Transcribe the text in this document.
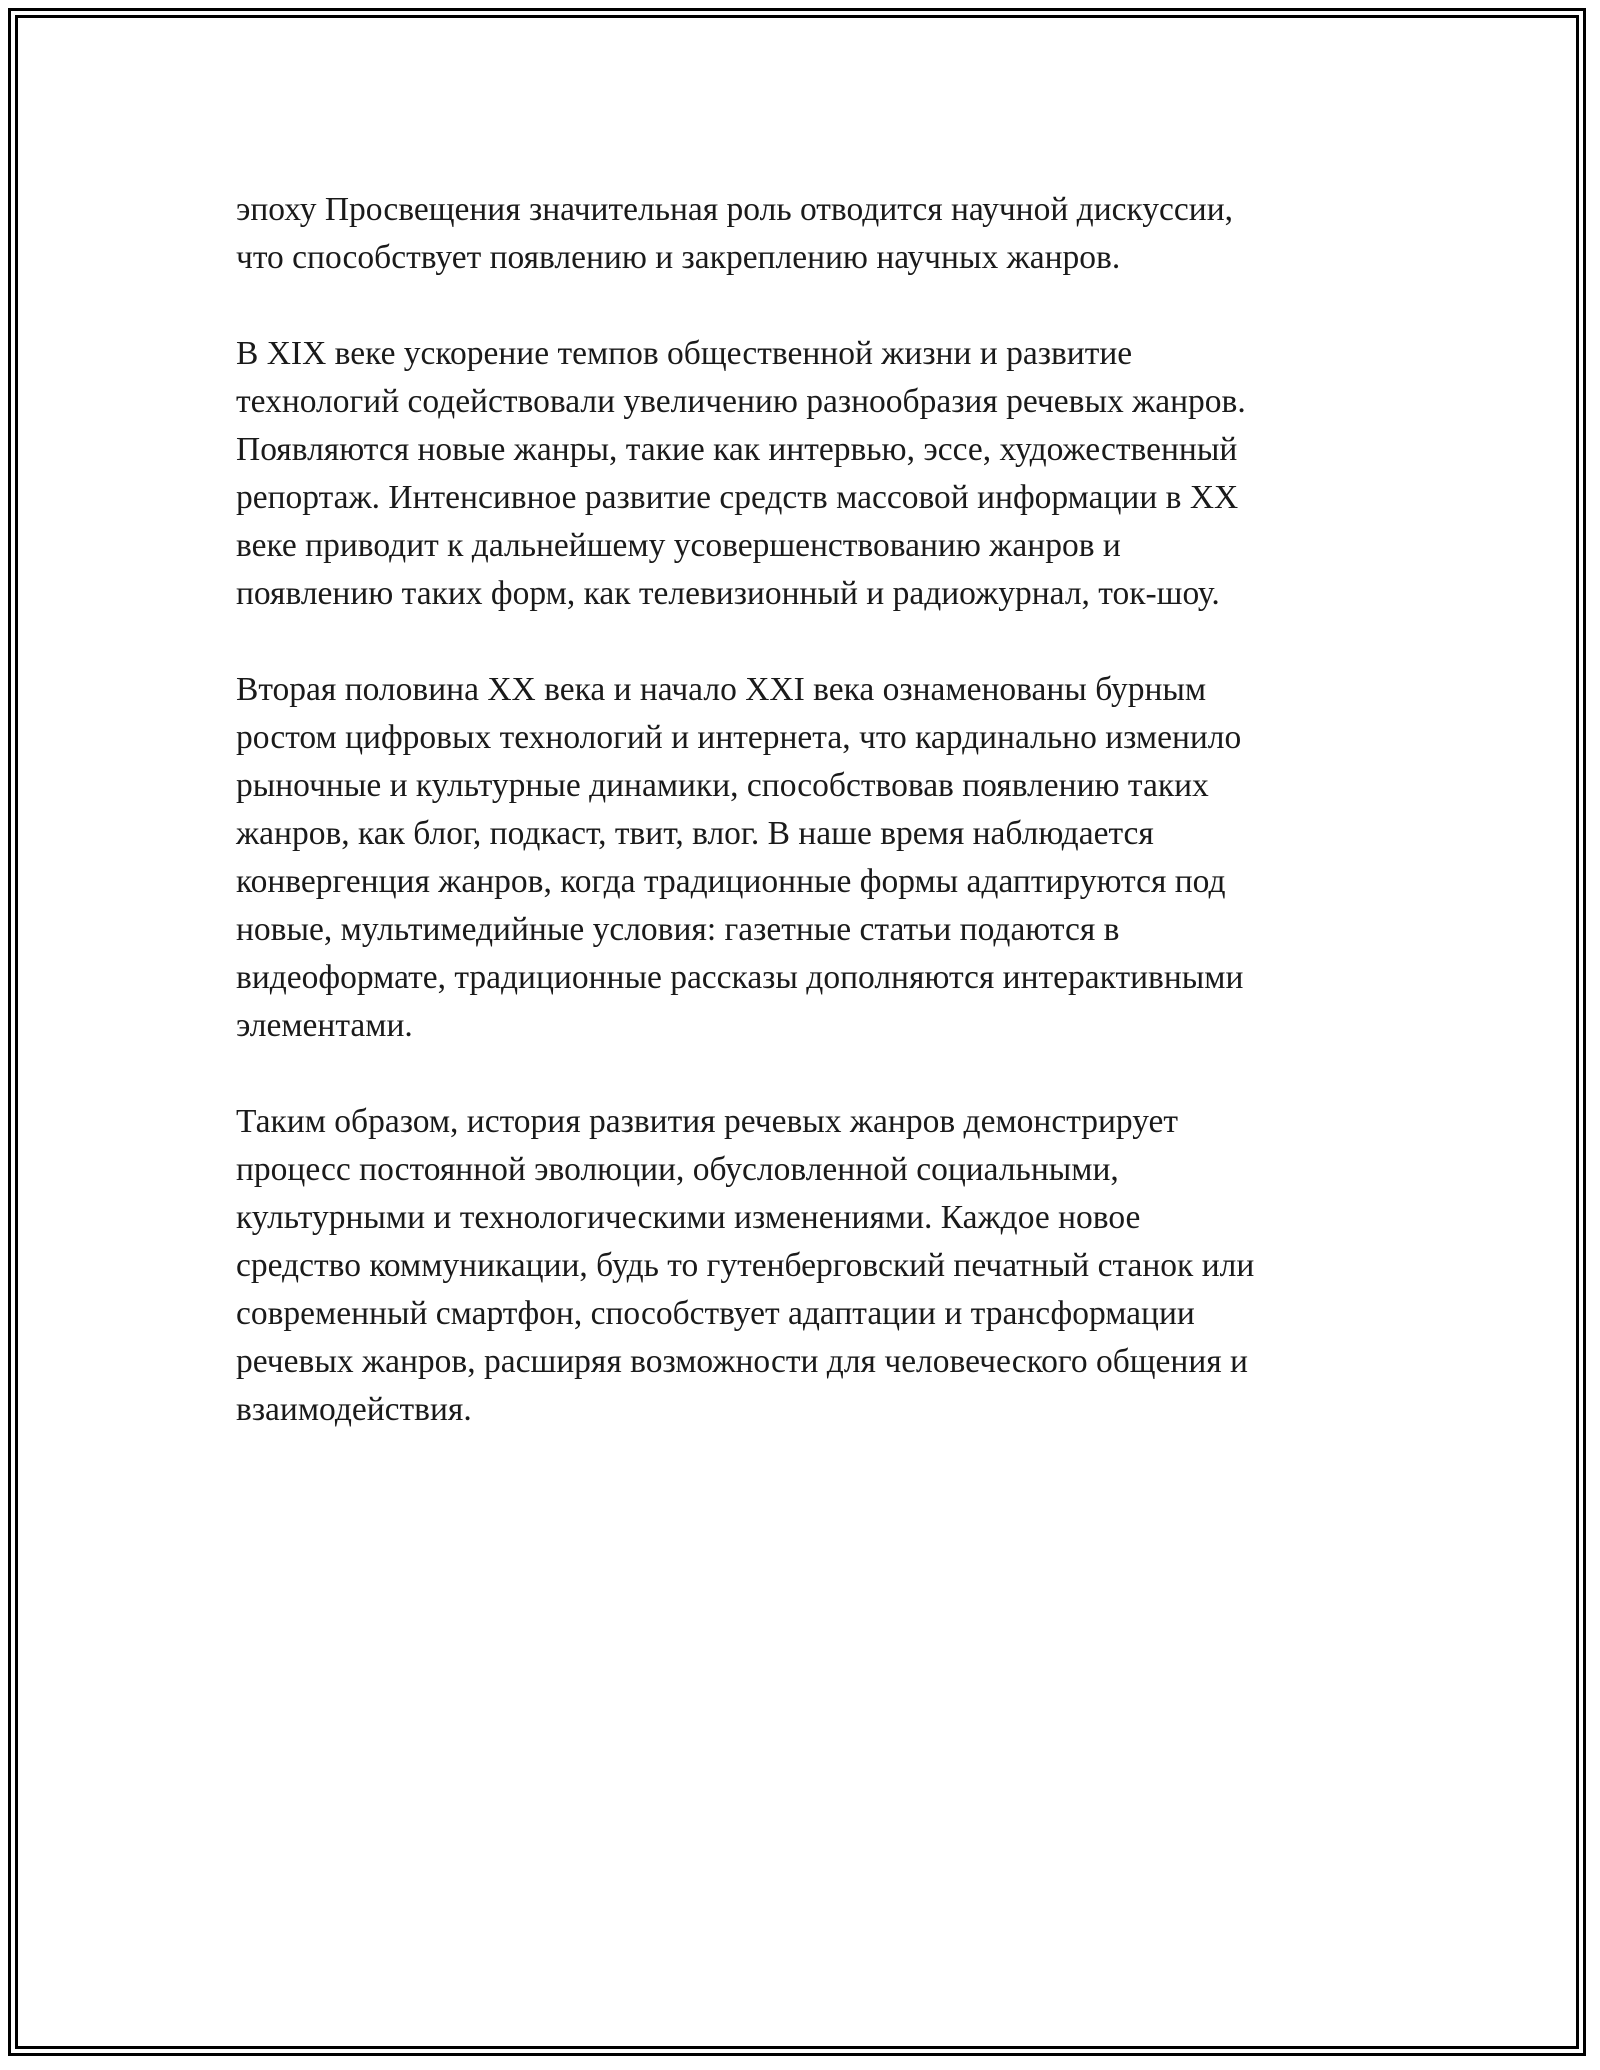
эпоху Просвещения значительная роль отводится научной дискуссии,
что способствует появлению и закреплению научных жанров.

В XIX веке ускорение темпов общественной жизни и развитие
технологий содействовали увеличению разнообразия речевых жанров.
Появляются новые жанры, такие как интервью, эссе, художественный
репортаж. Интенсивное развитие средств массовой информации в XX
веке приводит к дальнейшему усовершенствованию жанров и
появлению таких форм, как телевизионный и радиожурнал, ток-шоу.

Вторая половина XX века и начало XXI века ознаменованы бурным
ростом цифровых технологий и интернета, что кардинально изменило
рыночные и культурные динамики, способствовав появлению таких
жанров, как блог, подкаст, твит, влог. В наше время наблюдается
конвергенция жанров, когда традиционные формы адаптируются под
новые, мультимедийные условия: газетные статьи подаются в
видеоформате, традиционные рассказы дополняются интерактивными
элементами.

Таким образом, история развития речевых жанров демонстрирует
процесс постоянной эволюции, обусловленной социальными,
культурными и технологическими изменениями. Каждое новое
средство коммуникации, будь то гутенберговский печатный станок или
современный смартфон, способствует адаптации и трансформации
речевых жанров, расширяя возможности для человеческого общения и
взаимодействия.
